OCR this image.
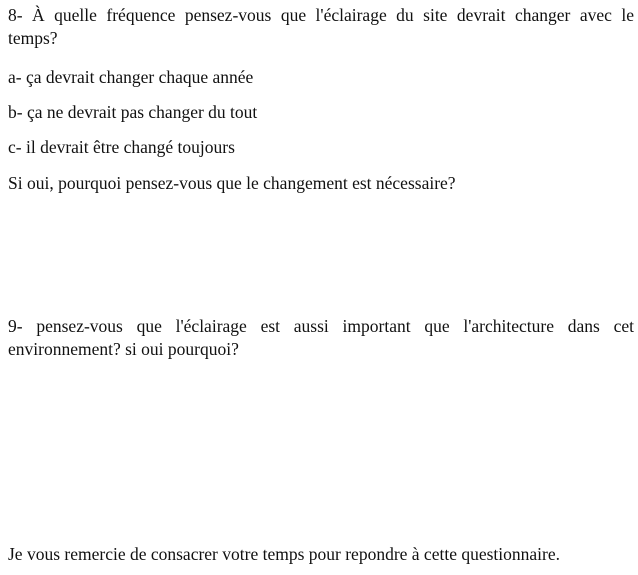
8- À quelle fréquence pensez-vous que l'éclairage du site devrait changer avec le
temps?
a- ça devrait changer chaque année
b- ça ne devrait pas changer du tout
c- il devrait être changé toujours
Si oui, pourquoi pensez-vous que le changement est nécessaire?
9- pensez-vous que l'éclairage est aussi important que l'architecture dans cet
environnement? si oui pourquoi?
Je vous remercie de consacrer votre temps pour repondre à cette questionnaire.
